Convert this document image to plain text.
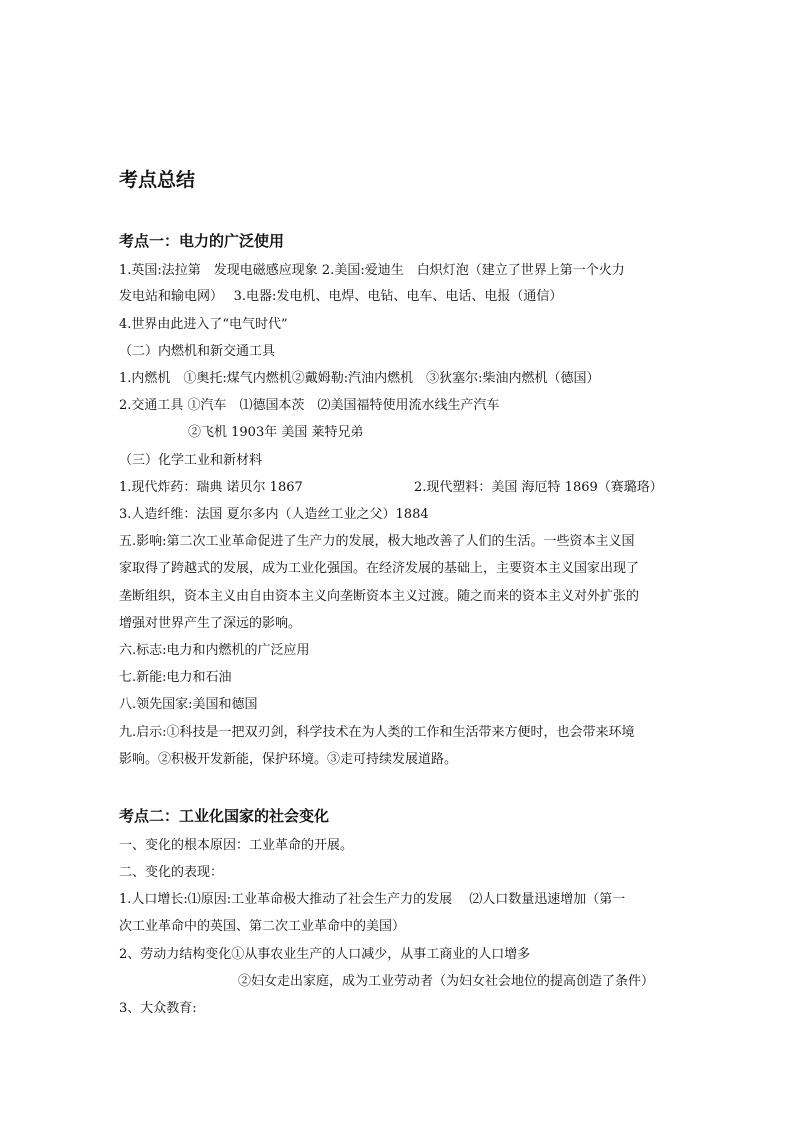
考点总结
考点一：电力的广泛使用
1.英国:法拉第　发现电磁感应现象 2.美国:爱迪生　白炽灯泡（建立了世界上第一个火力
发电站和输电网）　 3.电器:发电机、电焊、电钻、电车、电话、电报（通信）
4.世界由此进入了“电气时代”
（二）内燃机和新交通工具
1.内燃机　①奥托:煤气内燃机②戴姆勒:汽油内燃机　③狄塞尔:柴油内燃机（德国）
2.交通工具 ①汽车　⑴德国本茨　⑵美国福特使用流水线生产汽车
②飞机 1903年 美国 莱特兄弟
（三）化学工业和新材料
1.现代炸药：瑞典 诺贝尔 1867	2.现代塑料：美国 海厄特 1869（赛璐珞）
3.人造纤维：法国 夏尔多内（人造丝工业之父）1884
五.影响:第二次工业革命促进了生产力的发展，极大地改善了人们的生活。一些资本主义国
家取得了跨越式的发展，成为工业化强国。在经济发展的基础上，主要资本主义国家出现了
垄断组织，资本主义由自由资本主义向垄断资本主义过渡。随之而来的资本主义对外扩张的
增强对世界产生了深远的影响。
六.标志:电力和内燃机的广泛应用
七.新能:电力和石油
八.领先国家:美国和德国
九.启示:①科技是一把双刃剑，科学技术在为人类的工作和生活带来方便时，也会带来环境
影响。②积极开发新能，保护环境。③走可持续发展道路。
考点二：工业化国家的社会变化
一、变化的根本原因：工业革命的开展。
二、变化的表现：
1.人口增长:⑴原因:工业革命极大推动了社会生产力的发展　 ⑵人口数量迅速增加（第一
次工业革命中的英国、第二次工业革命中的美国）
2、劳动力结构变化①从事农业生产的人口减少，从事工商业的人口增多
②妇女走出家庭，成为工业劳动者（为妇女社会地位的提高创造了条件）
3、大众教育:
